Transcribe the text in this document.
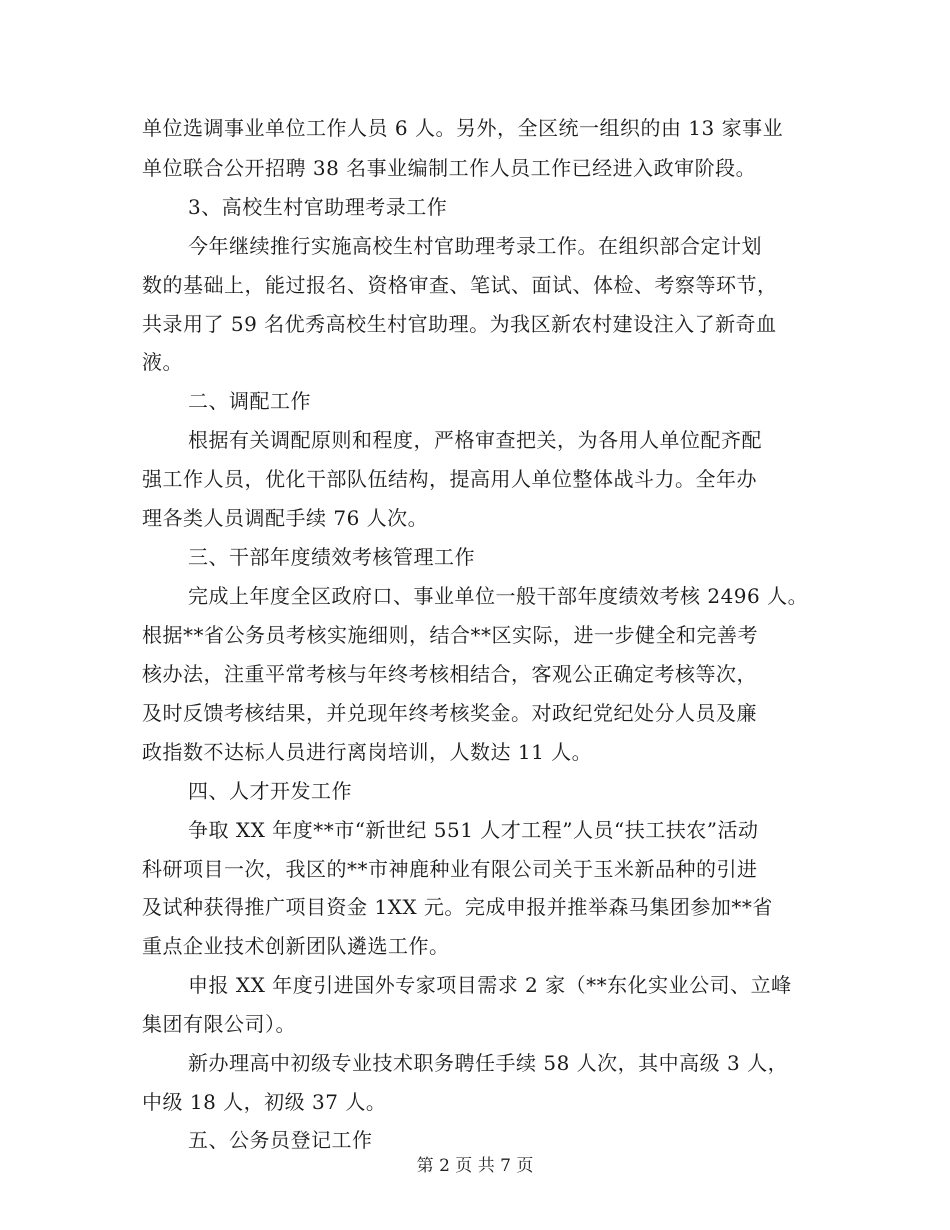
单位选调事业单位工作人员 6 人。另外，全区统一组织的由 13 家事业
单位联合公开招聘 38 名事业编制工作人员工作已经进入政审阶段。
3、高校生村官助理考录工作
今年继续推行实施高校生村官助理考录工作。在组织部合定计划
数的基础上，能过报名、资格审查、笔试、面试、体检、考察等环节，
共录用了 59 名优秀高校生村官助理。为我区新农村建设注入了新奇血
液。
二、调配工作
根据有关调配原则和程度，严格审查把关，为各用人单位配齐配
强工作人员，优化干部队伍结构，提高用人单位整体战斗力。全年办
理各类人员调配手续 76 人次。
三、干部年度绩效考核管理工作
完成上年度全区政府口、事业单位一般干部年度绩效考核 2496 人。
根据**省公务员考核实施细则，结合**区实际，进一步健全和完善考
核办法，注重平常考核与年终考核相结合，客观公正确定考核等次，
及时反馈考核结果，并兑现年终考核奖金。对政纪党纪处分人员及廉
政指数不达标人员进行离岗培训，人数达 11 人。
四、人才开发工作
争取 XX 年度**市“新世纪 551 人才工程”人员“扶工扶农”活动
科研项目一次，我区的**市神鹿种业有限公司关于玉米新品种的引进
及试种获得推广项目资金 1XX 元。完成申报并推举森马集团参加**省
重点企业技术创新团队遴选工作。
申报 XX 年度引进国外专家项目需求 2 家（**东化实业公司、立峰
集团有限公司）。
新办理高中初级专业技术职务聘任手续 58 人次，其中高级 3 人，
中级 18 人，初级 37 人。
五、公务员登记工作
第 2 页 共 7 页
